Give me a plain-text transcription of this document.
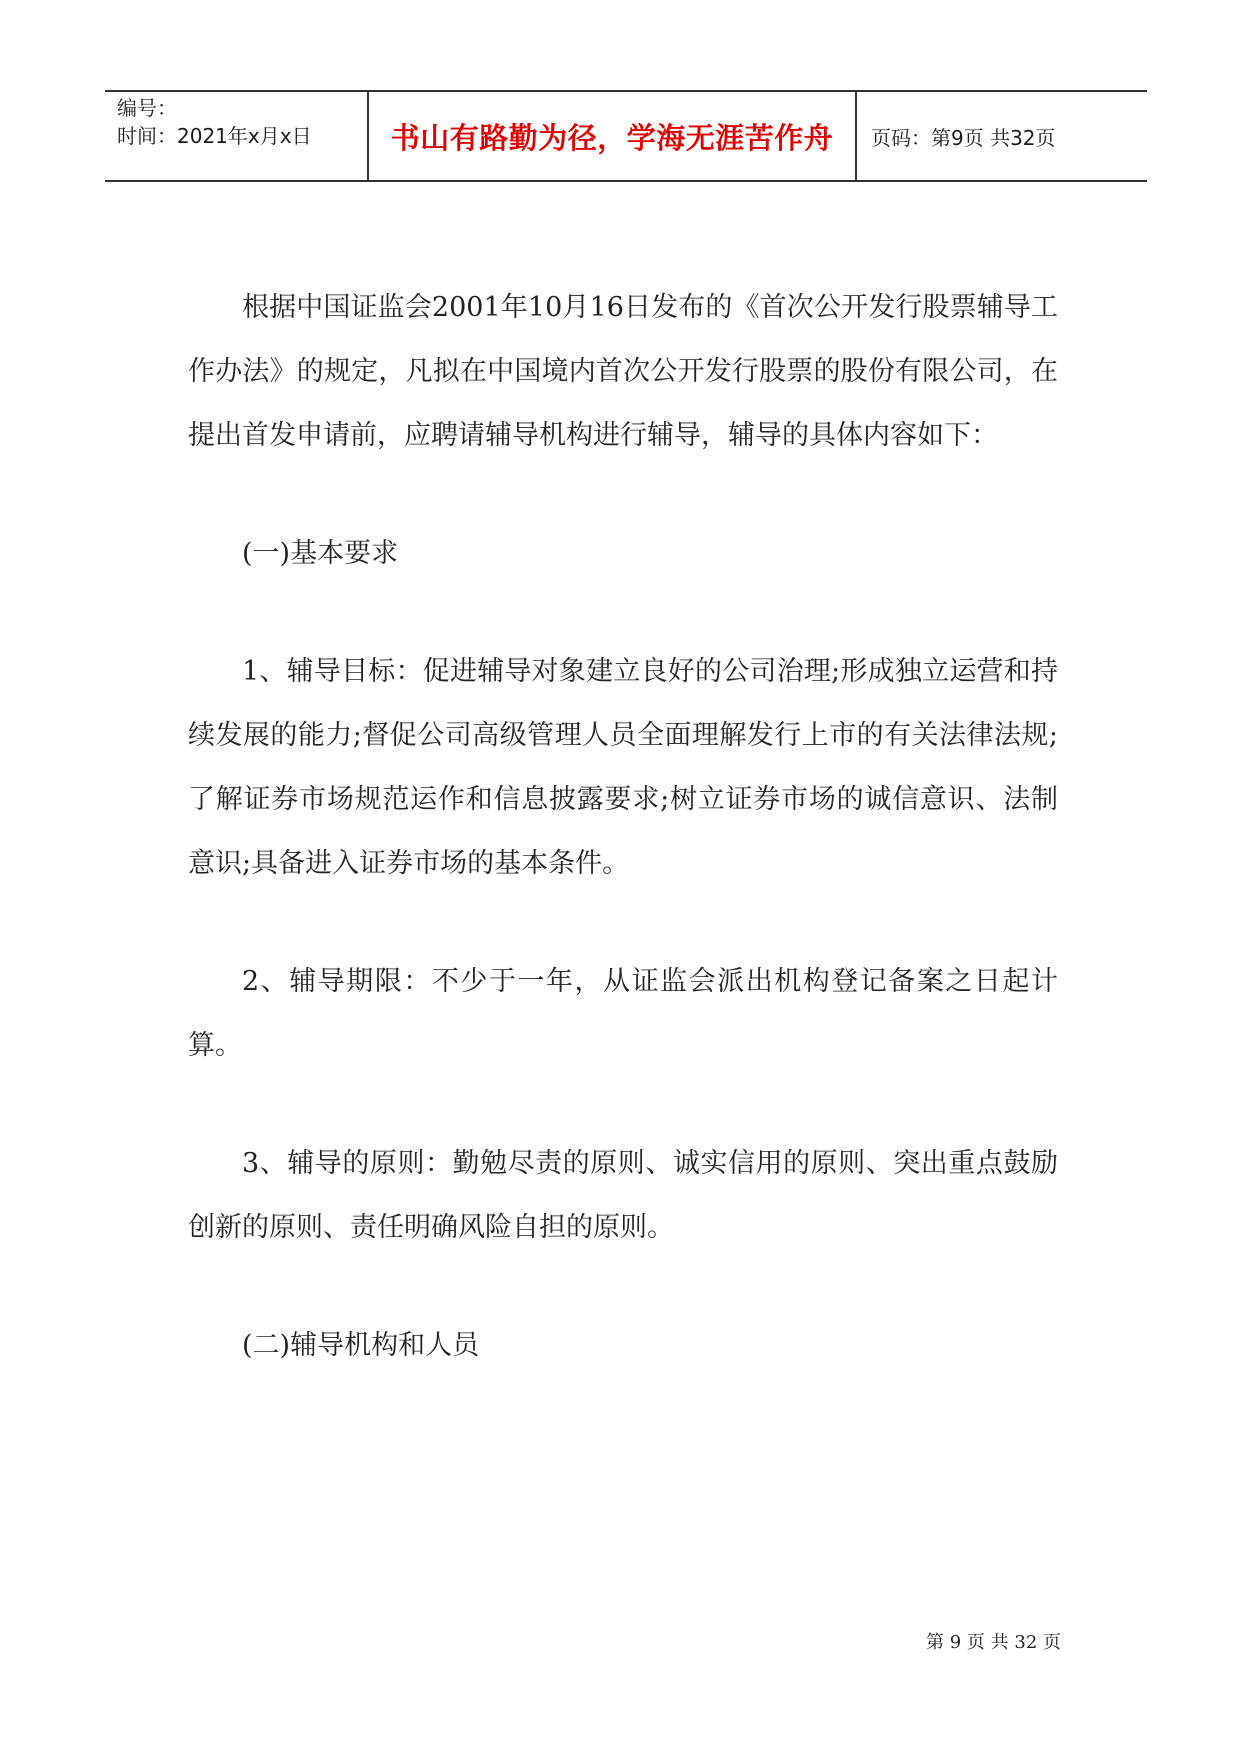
编号：
时间：2021年x月x日	书山有路勤为径，学海无涯苦作舟 页码：第9页 共32页

根据中国证监会2001年10月16日发布的《首次公开发行股票辅导工作办法》的规定，凡拟在中国境内首次公开发行股票的股份有限公司，在提出首发申请前，应聘请辅导机构进行辅导，辅导的具体内容如下：

(一)基本要求

1、辅导目标：促进辅导对象建立良好的公司治理;形成独立运营和持续发展的能力;督促公司高级管理人员全面理解发行上市的有关法律法规;了解证券市场规范运作和信息披露要求;树立证券市场的诚信意识、法制意识;具备进入证券市场的基本条件。

2、辅导期限：不少于一年，从证监会派出机构登记备案之日起计算。

3、辅导的原则：勤勉尽责的原则、诚实信用的原则、突出重点鼓励创新的原则、责任明确风险自担的原则。

(二)辅导机构和人员

第 9 页 共 32 页
